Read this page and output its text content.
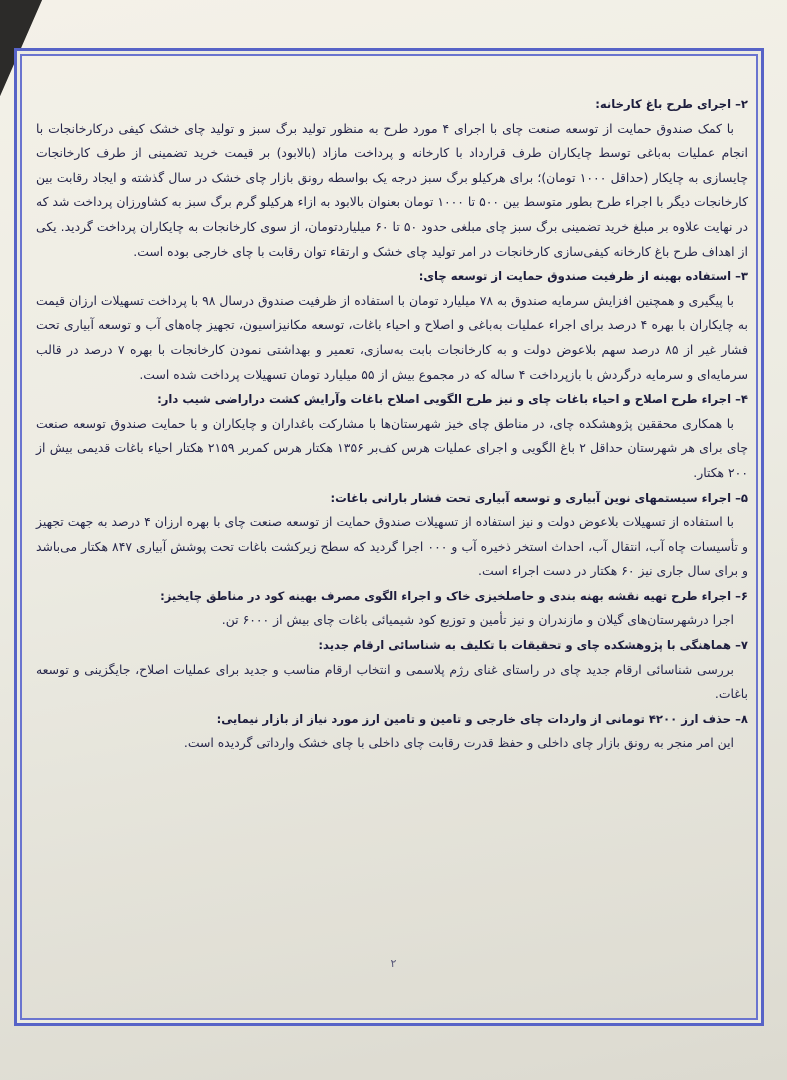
۲– اجرای طرح باغ کارخانه:

با کمک صندوق حمایت از توسعه صنعت چای با اجرای ۴ مورد طرح به منظور تولید برگ سبز و تولید چای خشک کیفی درکارخانجات با انجام عملیات به‌باغی توسط چایکاران طرف قرارداد با کارخانه و پرداخت مازاد (بالابود) بر قیمت خرید تضمینی از طرف کارخانجات چایسازی به چایکار (حداقل ۱۰۰۰ تومان)؛ برای هرکیلو برگ سبز درجه یک بواسطه رونق بازار چای خشک در سال گذشته و ایجاد رقابت بین کارخانجات دیگر با اجراء طرح بطور متوسط بین ۵۰۰ تا ۱۰۰۰ تومان بعنوان بالابود به ازاء هرکیلو گرم برگ سبز به کشاورزان پرداخت شد که در نهایت علاوه بر مبلغ خرید تضمینی برگ سبز چای مبلغی حدود ۵۰ تا ۶۰ میلیاردتومان، از سوی کارخانجات به چایکاران پرداخت گردید. یکی از اهداف طرح باغ کارخانه کیفی‌سازی کارخانجات در امر تولید چای خشک و ارتقاء توان رقابت با چای خارجی بوده است.

۳– استفاده بهینه از ظرفیت صندوق حمایت از توسعه چای:

با پیگیری و همچنین افزایش سرمایه صندوق به ۷۸ میلیارد تومان با استفاده از ظرفیت صندوق درسال ۹۸ با پرداخت تسهیلات ارزان قیمت به چایکاران با بهره ۴ درصد برای اجراء عملیات به‌باغی و اصلاح و احیاء باغات، توسعه مکانیزاسیون، تجهیز چاه‌های آب و توسعه آبیاری تحت فشار غیر از ۸۵ درصد سهم بلاعوض دولت و به کارخانجات بابت به‌سازی، تعمیر و بهداشتی نمودن کارخانجات با بهره ۷ درصد در قالب سرمایه‌ای و سرمایه درگردش با بازپرداخت ۴ ساله که در مجموع بیش از ۵۵ میلیارد تومان تسهیلات پرداخت شده است.

۴– اجراء طرح اصلاح و احیاء باغات چای و نیز طرح الگویی اصلاح باغات وآرایش کشت دراراضی شیب دار:

با همکاری محققین پژوهشکده چای، در مناطق چای خیز شهرستان‌ها با مشارکت باغداران و چایکاران و با حمایت صندوق توسعه صنعت چای برای هر شهرستان حداقل ۲ باغ الگویی و اجرای عملیات هرس کف‌بر ۱۳۵۶ هکتار هرس کمربر ۲۱۵۹ هکتار احیاء باغات قدیمی بیش از ۲۰۰ هکتار.

۵– اجراء سیستمهای نوین آبیاری و توسعه آبیاری تحت فشار بارانی باغات:

با استفاده از تسهیلات بلاعوض دولت و نیز استفاده از تسهیلات صندوق حمایت از توسعه صنعت چای با بهره ارزان ۴ درصد به جهت تجهیز و تأسیسات چاه آب، انتقال آب، احداث استخر ذخیره آب و ۰۰۰ اجرا گردید که سطح زیرکشت باغات تحت پوشش آبیاری ۸۴۷ هکتار می‌باشد و برای سال جاری نیز ۶۰ هکتار در دست اجراء است.

۶– اجراء طرح تهیه نقشه بهنه بندی و حاصلخیزی خاک و اجراء الگوی مصرف بهینه کود در مناطق چایخیز:

اجرا درشهرستان‌های گیلان و مازندران و نیز تأمین و توزیع کود شیمیائی باغات چای بیش از ۶۰۰۰ تن.

۷– هماهنگی با پژوهشکده چای و تحقیقات با تکلیف به شناسائی ارقام جدید:

بررسی شناسائی ارقام جدید چای در راستای غنای رژم پلاسمی و انتخاب ارقام مناسب و جدید برای عملیات اصلاح، جایگزینی و توسعه باغات.

۸– حذف ارز ۴۲۰۰ تومانی از واردات چای خارجی و تامین و تامین ارز مورد نیاز از بازار نیمایی:

این امر منجر به رونق بازار چای داخلی و حفظ قدرت رقابت چای داخلی با چای خشک وارداتی گردیده است.

۲
